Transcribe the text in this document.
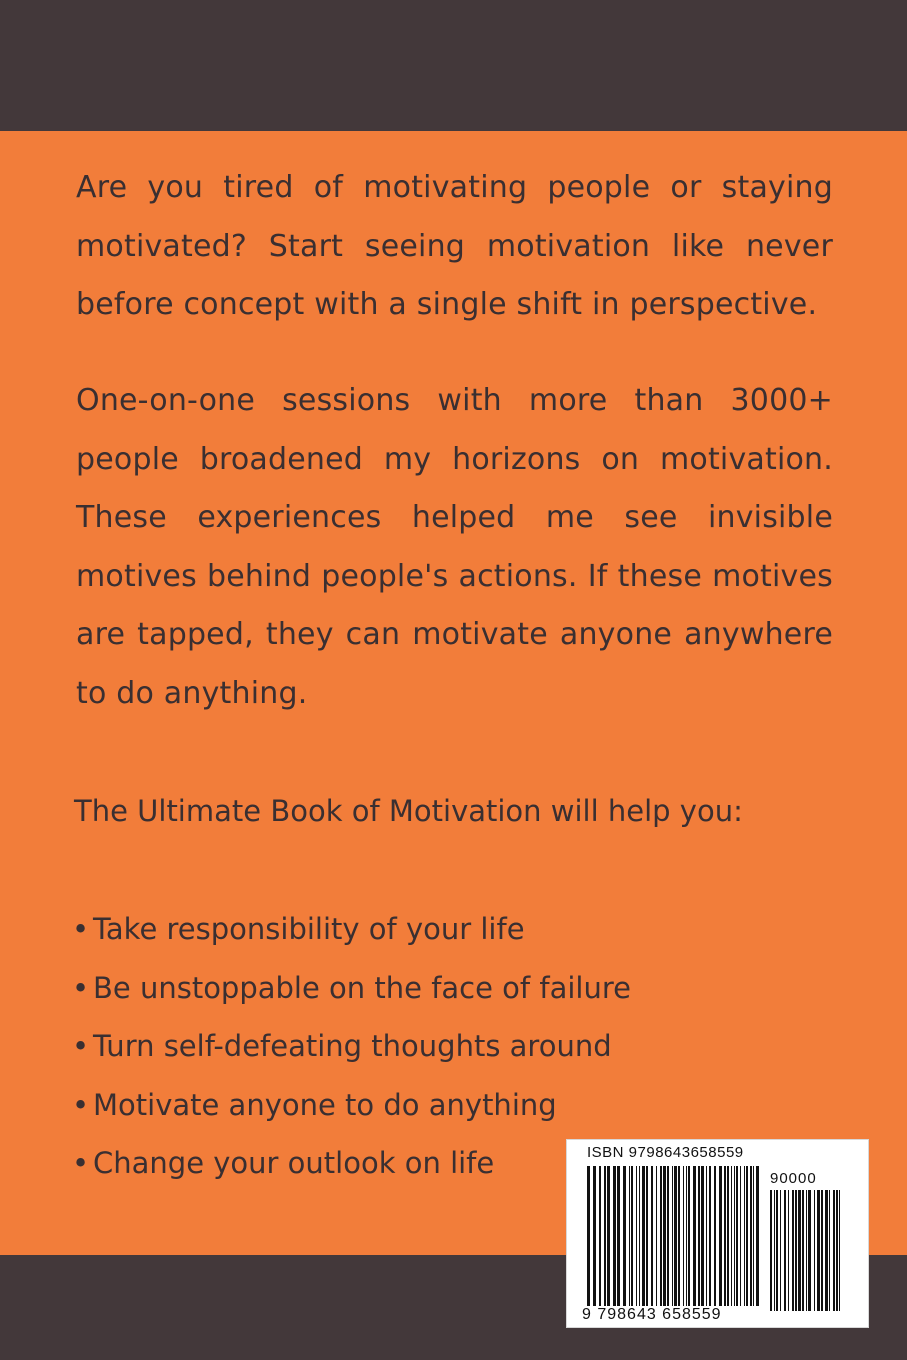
Are you tired of motivating people or staying motivated? Start seeing motivation like never before concept with a single shift in perspective.

One-on-one sessions with more than 3000+ people broadened my horizons on motivation. These experiences helped me see invisible motives behind people's actions. If these motives are tapped, they can motivate anyone anywhere to do anything.

The Ultimate Book of Motivation will help you:

• Take responsibility of your life
• Be unstoppable on the face of failure
• Turn self-defeating thoughts around
• Motivate anyone to do anything
• Change your outlook on life	ISBN 9798643658559
90000
9 798643 658559
